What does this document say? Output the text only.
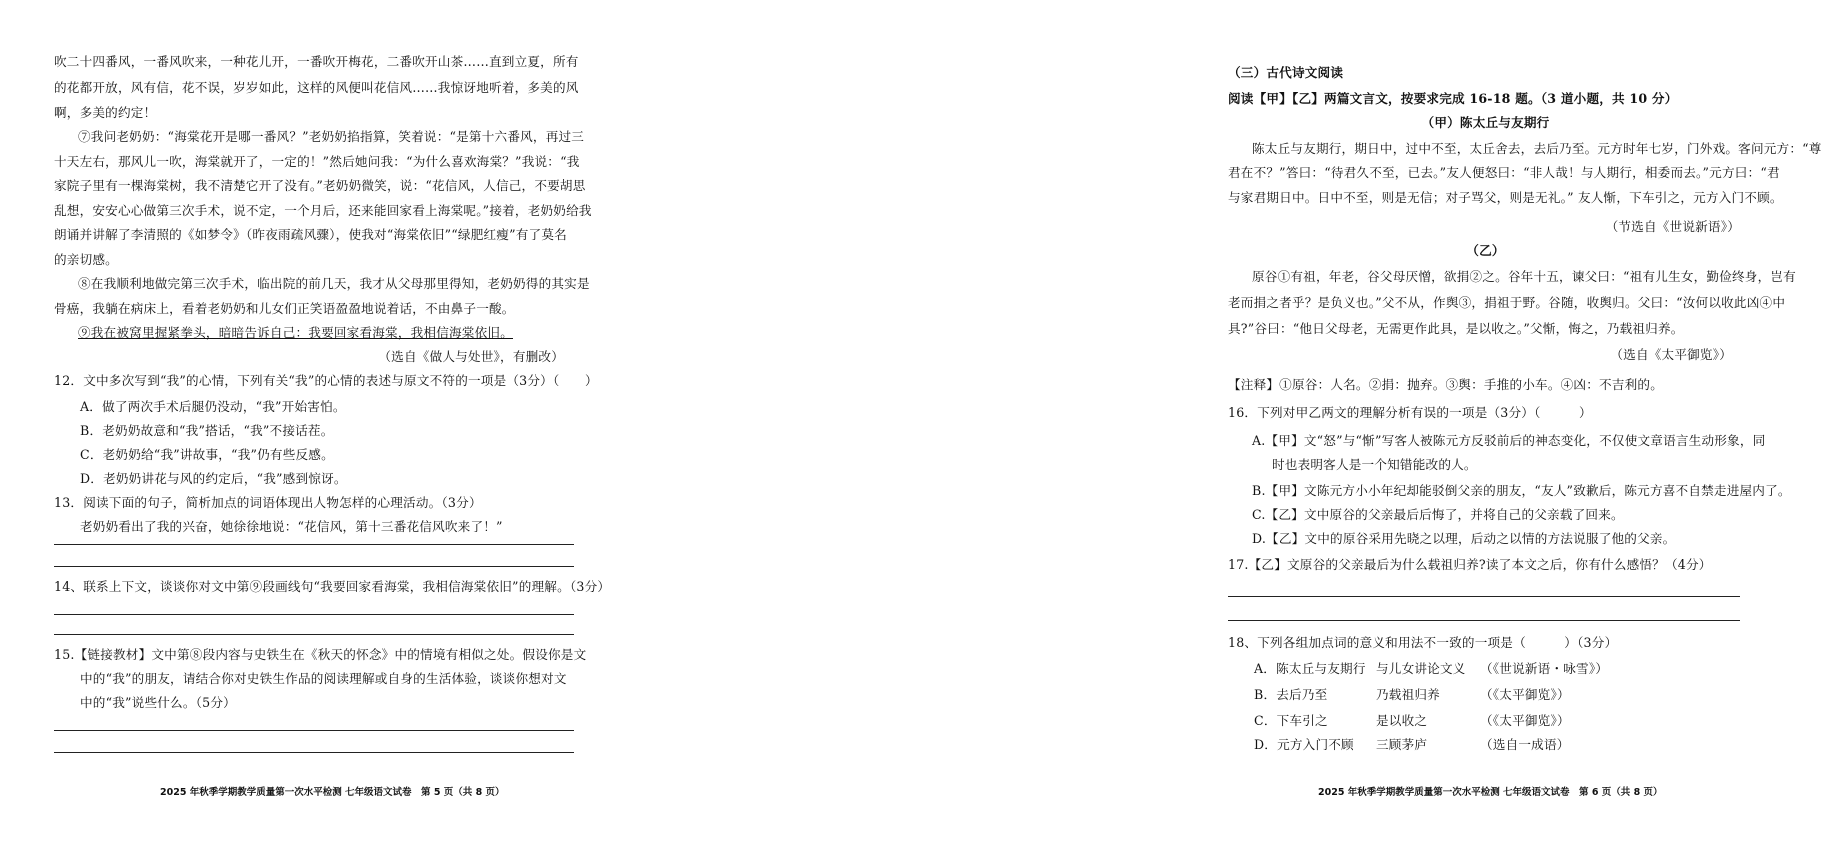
吹二十四番风，一番风吹来，一种花儿开，一番吹开梅花，二番吹开山茶……直到立夏，所有
的花都开放，风有信，花不误，岁岁如此，这样的风便叫花信风……我惊讶地听着，多美的风
啊，多美的约定！
⑦我问老奶奶：“海棠花开是哪一番风？”老奶奶掐指算，笑着说：“是第十六番风，再过三
十天左右，那风儿一吹，海棠就开了，一定的！”然后她问我：“为什么喜欢海棠？”我说：“我
家院子里有一棵海棠树，我不清楚它开了没有。”老奶奶微笑，说：“花信风，人信己，不要胡思
乱想，安安心心做第三次手术，说不定，一个月后，还来能回家看上海棠呢。”接着，老奶奶给我
朗诵并讲解了李清照的《如梦令》（昨夜雨疏风骤），使我对“海棠依旧”“绿肥红瘦”有了莫名
的亲切感。
⑧在我顺利地做完第三次手术，临出院的前几天，我才从父母那里得知，老奶奶得的其实是
骨癌，我躺在病床上，看着老奶奶和儿女们正笑语盈盈地说着话，不由鼻子一酸。
⑨我在被窝里握紧拳头，暗暗告诉自己：我要回家看海棠，我相信海棠依旧。
（选自《做人与处世》，有删改）
12．文中多次写到“我”的心情，下列有关“我”的心情的表述与原文不符的一项是（3分）（　　）
A．做了两次手术后腿仍没动，“我”开始害怕。
B．老奶奶故意和“我”搭话，“我”不接话茬。
C．老奶奶给“我”讲故事，“我”仍有些反感。
D．老奶奶讲花与风的约定后，“我”感到惊讶。
13．阅读下面的句子，简析加点的词语体现出人物怎样的心理活动。（3分）
老奶奶看出了我的兴奋，她徐徐地说：“花信风，第十三番花信风吹来了！”
14、联系上下文，谈谈你对文中第⑨段画线句“我要回家看海棠，我相信海棠依旧”的理解。（3分）
15.【链接教材】文中第⑧段内容与史铁生在《秋天的怀念》中的情境有相似之处。假设你是文
中的“我”的朋友，请结合你对史铁生作品的阅读理解或自身的生活体验，谈谈你想对文
中的“我”说些什么。（5分）
2025 年秋季学期教学质量第一次水平检测 七年级语文试卷　第 5 页（共 8 页）
（三）古代诗文阅读
阅读【甲】【乙】两篇文言文，按要求完成 16-18 题。（3 道小题，共 10 分）
（甲）陈太丘与友期行
陈太丘与友期行，期日中，过中不至，太丘舍去，去后乃至。元方时年七岁，门外戏。客问元方：“尊
君在不？”答曰：“待君久不至，已去。”友人便怒曰：“非人哉！与人期行，相委而去。”元方曰：“君
与家君期日中。日中不至，则是无信；对子骂父，则是无礼。” 友人惭，下车引之，元方入门不顾。
（节选自《世说新语》）
（乙）
原谷①有祖，年老，谷父母厌憎，欲捐②之。谷年十五，谏父曰：“祖有儿生女，勤俭终身，岂有
老而捐之者乎？是负义也。”父不从，作舆③，捐祖于野。谷随，收舆归。父曰：“汝何以收此凶④中
具?”谷曰：“他日父母老，无需更作此具，是以收之。”父惭，悔之，乃载祖归养。
（选自《太平御览》）
【注释】①原谷：人名。②捐：抛弃。③舆：手推的小车。④凶：不吉利的。
16．下列对甲乙两文的理解分析有误的一项是（3分）（　　　）
A.【甲】文“怒”与“惭”写客人被陈元方反驳前后的神态变化，不仅使文章语言生动形象，同
时也表明客人是一个知错能改的人。
B.【甲】文陈元方小小年纪却能驳倒父亲的朋友，“友人”致歉后，陈元方喜不自禁走进屋内了。
C.【乙】文中原谷的父亲最后后悔了，并将自己的父亲载了回来。
D.【乙】文中的原谷采用先晓之以理，后动之以情的方法说服了他的父亲。
17.【乙】文原谷的父亲最后为什么载祖归养?读了本文之后，你有什么感悟？（4分）
18、下列各组加点词的意义和用法不一致的一项是（　　　）（3分）
A．陈太丘与友期行 与儿女讲论文义 （《世说新语・咏雪》）
B．去后乃至	乃载祖归养	（《太平御览》）
C．下车引之	是以收之	（《太平御览》）
D．元方入门不顾 三顾茅庐	（选自一成语）
2025 年秋季学期教学质量第一次水平检测 七年级语文试卷　第 6 页（共 8 页）
